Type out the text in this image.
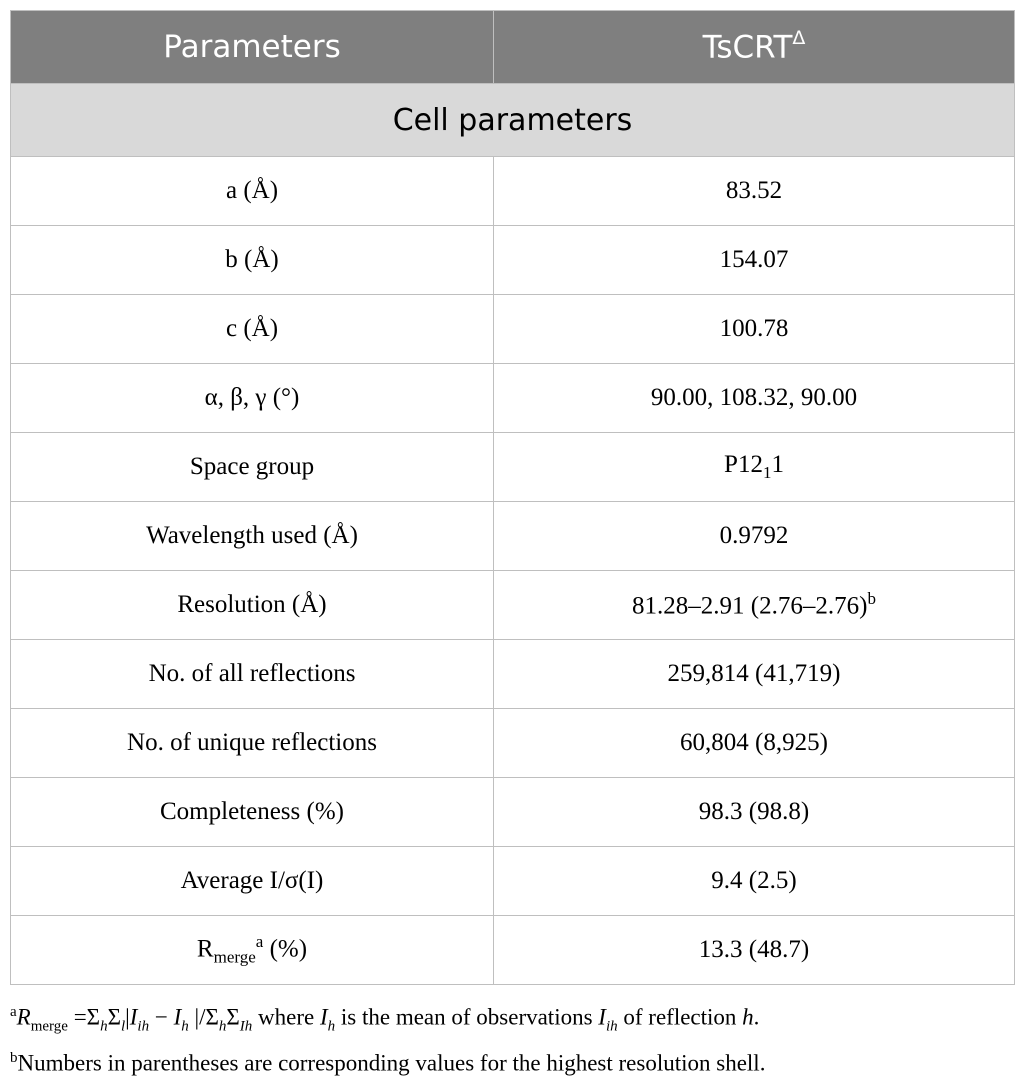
Parameters	TsCRT$^\Delta$
Cell parameters	
a (Å)	83.52
b (Å)	154.07
c (Å)	100.78
α, β, γ (°)	90.00, 108.32, 90.00
Space group	$P12_11$
Wavelength used (Å)	0.9792
Resolution (Å)	81.28–2.91 $(2.76-2.76)^b$
No. of all reflections	259,814 (41,719)
No. of unique reflections	60,804 (8,925)
Completeness (%)	98.3 (98.8)
Average I/σ(I)	9.4 (2.5)
$R_{merge}^a$ (%)	13.3 (48.7)
$^aR_{merge} =\Sigma_h\Sigma_l|I_{ih} - I_h$ $|/\Sigma_h\Sigma_{Ih}$ where $I_h$ is the mean of observations $I_{ih}$ of reflection h.
$^b$Numbers in parentheses are corresponding values for the highest resolution shell.
